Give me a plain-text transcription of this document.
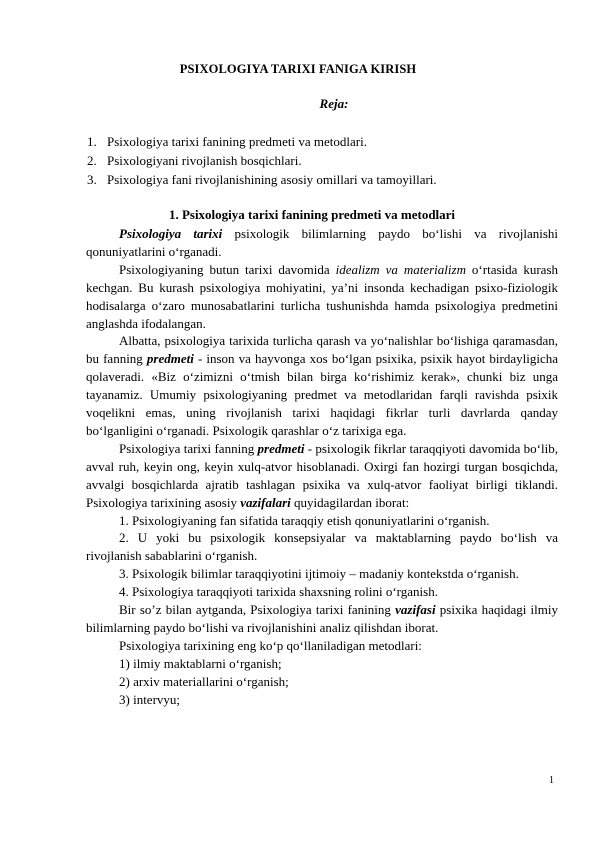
PSIXOLOGIYA TARIXI FANIGA KIRISH
Reja:
1. Psixologiya tarixi fanining predmeti va metodlari.
2. Psixologiyani rivojlanish bosqichlari.
3. Psixologiya fani rivojlanishining asosiy omillari va tamoyillari.
1. Psixologiya tarixi fanining predmeti va metodlari

Psixologiya tarixi psixologik bilimlarning paydo bo‘lishi va rivojlanishi qonuniyatlarini o‘rganadi.

Psixologiyaning butun tarixi davomida idealizm va materializm o‘rtasida kurash kechgan. Bu kurash psixologiya mohiyatini, ya’ni insonda kechadigan psixo-fiziologik hodisalarga o‘zaro munosabatlarini turlicha tushunishda hamda psixologiya predmetini anglashda ifodalangan.

Albatta, psixologiya tarixida turlicha qarash va yo‘nalishlar bo‘lishiga qaramasdan, bu fanning predmeti - inson va hayvonga xos bo‘lgan psixika, psixik hayot birdayligicha qolaveradi. «Biz o‘zimizni o‘tmish bilan birga ko‘rishimiz kerak», chunki biz unga tayanamiz. Umumiy psixologiyaning predmet va metodlaridan farqli ravishda psixik voqelikni emas, uning rivojlanish tarixi haqidagi fikrlar turli davrlarda qanday bo‘lganligini o‘rganadi. Psixologik qarashlar o‘z tarixiga ega.

Psixologiya tarixi fanning predmeti - psixologik fikrlar taraqqiyoti davomida bo‘lib, avval ruh, keyin ong, keyin xulq-atvor hisoblanadi. Oxirgi fan hozirgi turgan bosqichda, avvalgi bosqichlarda ajratib tashlagan psixika va xulq-atvor faoliyat birligi tiklandi. Psixologiya tarixining asosiy vazifalari quyidagilardan iborat:

1. Psixologiyaning fan sifatida taraqqiy etish qonuniyatlarini o‘rganish.

2. U yoki bu psixologik konsepsiyalar va maktablarning paydo bo‘lish va rivojlanish sabablarini o‘rganish.

3. Psixologik bilimlar taraqqiyotini ijtimoiy – madaniy kontekstda o‘rganish.

4. Psixologiya taraqqiyoti tarixida shaxsning rolini o‘rganish.

Bir so’z bilan aytganda, Psixologiya tarixi fanining vazifasi psixika haqidagi ilmiy bilimlarning paydo bo‘lishi va rivojlanishini analiz qilishdan iborat.

Psixologiya tarixining eng ko‘p qo‘llaniladigan metodlari:

1) ilmiy maktablarni o‘rganish;

2) arxiv materiallarini o‘rganish;

3) intervyu;

1
